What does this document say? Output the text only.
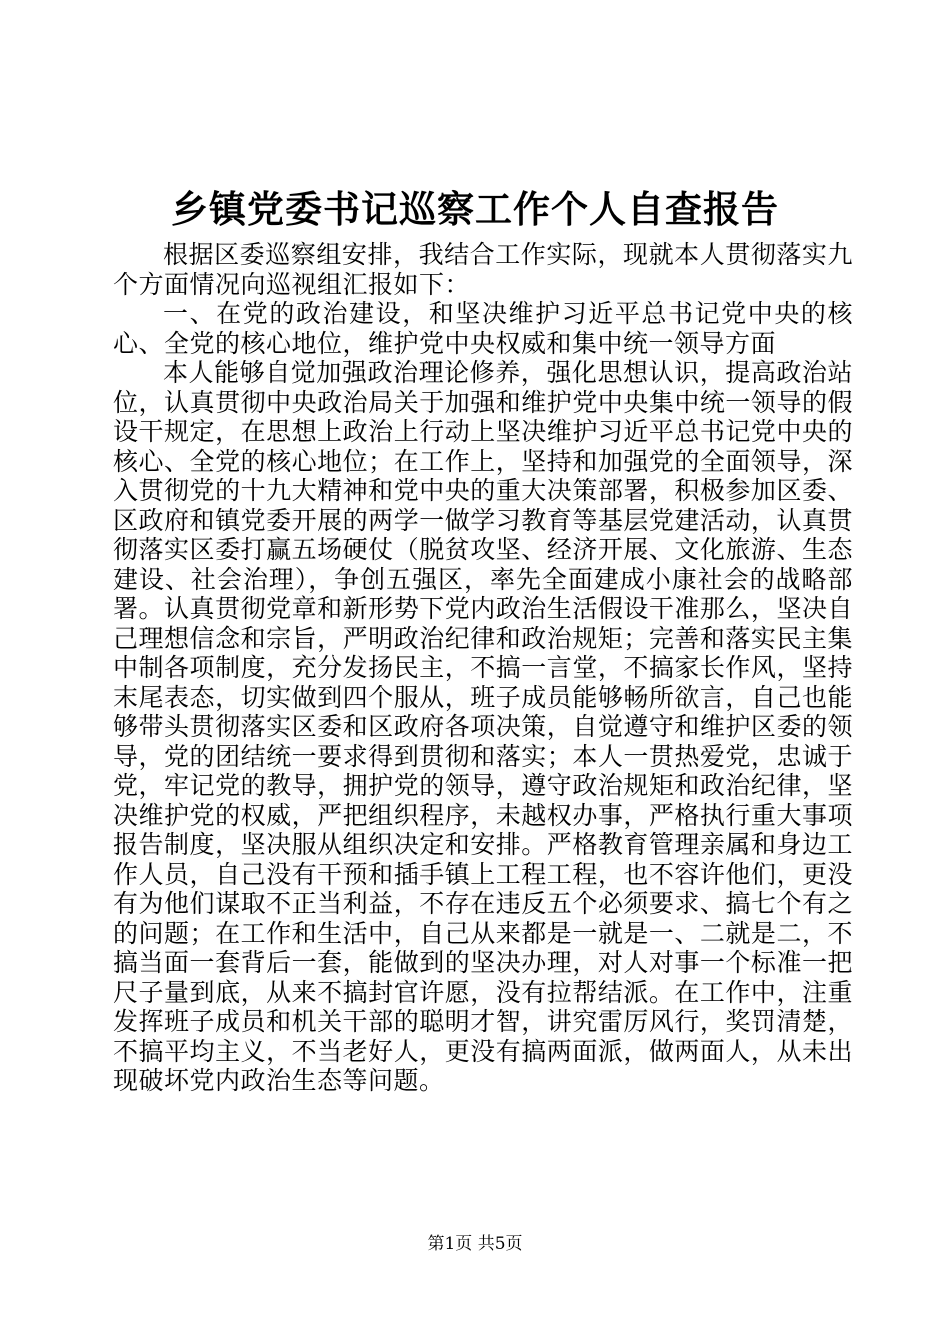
乡镇党委书记巡察工作个人自查报告

根据区委巡察组安排，我结合工作实际，现就本人贯彻落实九个方面情况向巡视组汇报如下：

一、在党的政治建设，和坚决维护习近平总书记党中央的核心、全党的核心地位，维护党中央权威和集中统一领导方面

本人能够自觉加强政治理论修养，强化思想认识，提高政治站位，认真贯彻中央政治局关于加强和维护党中央集中统一领导的假设干规定，在思想上政治上行动上坚决维护习近平总书记党中央的核心、全党的核心地位；在工作上，坚持和加强党的全面领导，深入贯彻党的十九大精神和党中央的重大决策部署，积极参加区委、区政府和镇党委开展的两学一做学习教育等基层党建活动，认真贯彻落实区委打赢五场硬仗（脱贫攻坚、经济开展、文化旅游、生态建设、社会治理），争创五强区，率先全面建成小康社会的战略部署。认真贯彻党章和新形势下党内政治生活假设干准那么，坚决自己理想信念和宗旨，严明政治纪律和政治规矩；完善和落实民主集中制各项制度，充分发扬民主，不搞一言堂，不搞家长作风，坚持末尾表态，切实做到四个服从，班子成员能够畅所欲言，自己也能够带头贯彻落实区委和区政府各项决策，自觉遵守和维护区委的领导，党的团结统一要求得到贯彻和落实；本人一贯热爱党，忠诚于党，牢记党的教导，拥护党的领导，遵守政治规矩和政治纪律，坚决维护党的权威，严把组织程序，未越权办事，严格执行重大事项报告制度，坚决服从组织决定和安排。严格教育管理亲属和身边工作人员，自己没有干预和插手镇上工程工程，也不容许他们，更没有为他们谋取不正当利益，不存在违反五个必须要求、搞七个有之的问题；在工作和生活中，自己从来都是一就是一、二就是二，不搞当面一套背后一套，能做到的坚决办理，对人对事一个标准一把尺子量到底，从来不搞封官许愿，没有拉帮结派。在工作中，注重发挥班子成员和机关干部的聪明才智，讲究雷厉风行，奖罚清楚，不搞平均主义，不当老好人，更没有搞两面派，做两面人，从未出现破坏党内政治生态等问题。

第1页 共5页
